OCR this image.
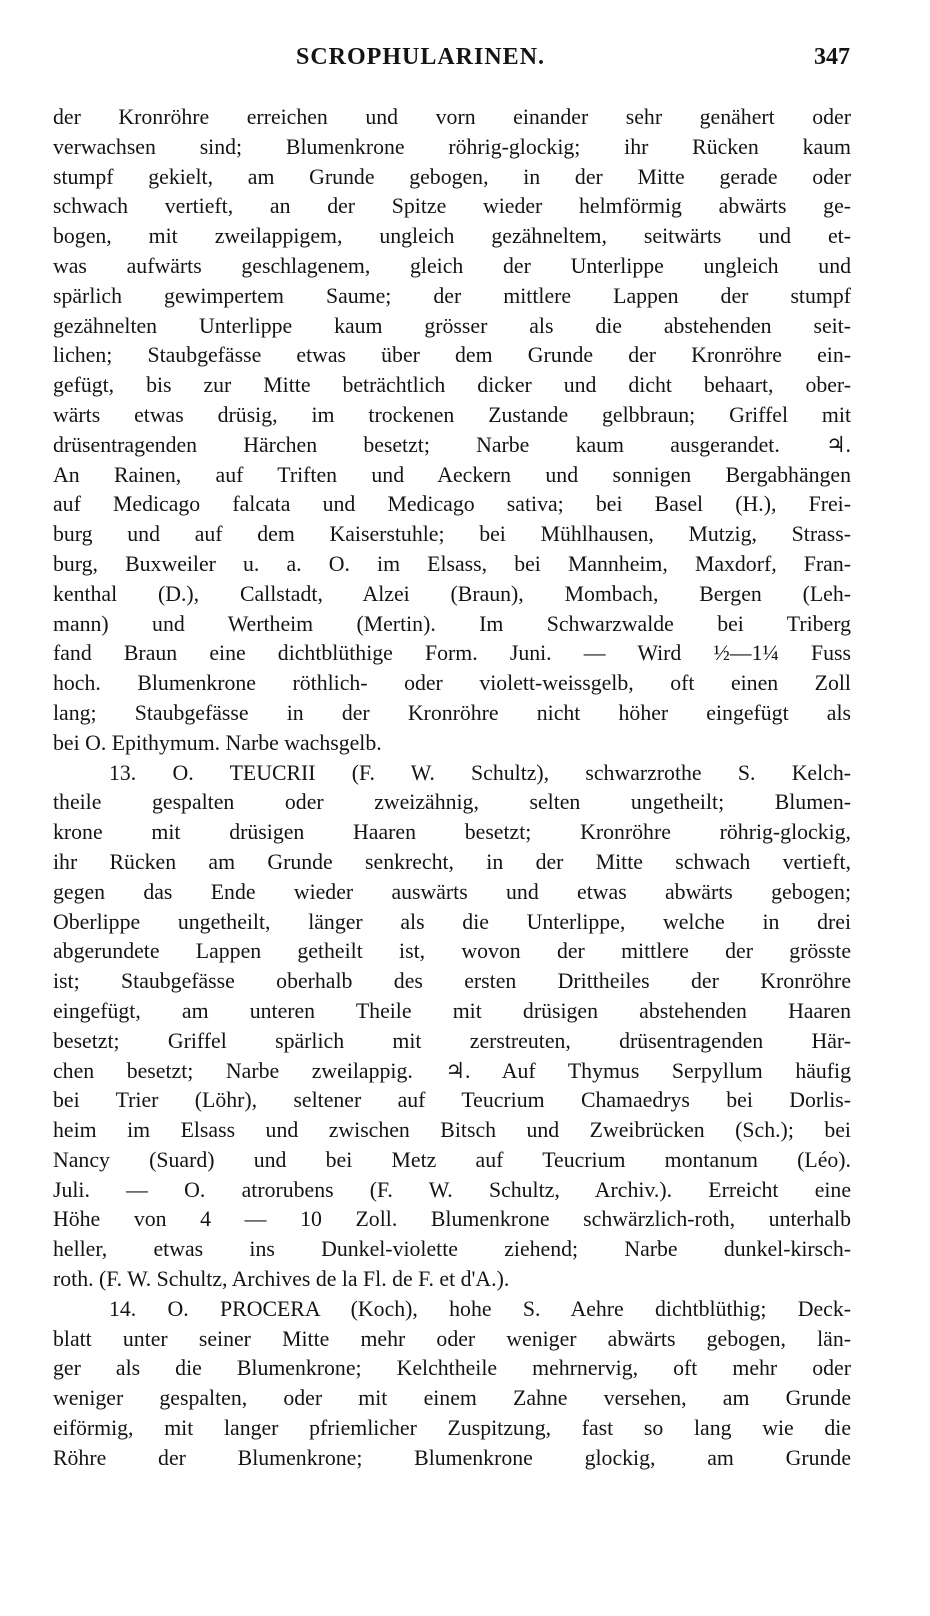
SCROPHULARINEN.	347
der Kronröhre erreichen und vorn einander sehr genähert oder
verwachsen sind; Blumenkrone röhrig-glockig; ihr Rücken kaum
stumpf gekielt, am Grunde gebogen, in der Mitte gerade oder
schwach vertieft, an der Spitze wieder helmförmig abwärts ge-
bogen, mit zweilappigem, ungleich gezähneltem, seitwärts und et-
was aufwärts geschlagenem, gleich der Unterlippe ungleich und
spärlich gewimpertem Saume; der mittlere Lappen der stumpf
gezähnelten Unterlippe kaum grösser als die abstehenden seit-
lichen; Staubgefässe etwas über dem Grunde der Kronröhre ein-
gefügt, bis zur Mitte beträchtlich dicker und dicht behaart, ober-
wärts etwas drüsig, im trockenen Zustande gelbbraun; Griffel mit
drüsentragenden Härchen besetzt; Narbe kaum ausgerandet. ♃.
An Rainen, auf Triften und Aeckern und sonnigen Bergabhängen
auf Medicago falcata und Medicago sativa; bei Basel (H.), Frei-
burg und auf dem Kaiserstuhle; bei Mühlhausen, Mutzig, Strass-
burg, Buxweiler u. a. O. im Elsass, bei Mannheim, Maxdorf, Fran-
kenthal (D.), Callstadt, Alzei (Braun), Mombach, Bergen (Leh-
mann) und Wertheim (Mertin). Im Schwarzwalde bei Triberg
fand Braun eine dichtblüthige Form. Juni. — Wird ½—1¼ Fuss
hoch. Blumenkrone röthlich- oder violett-weissgelb, oft einen Zoll
lang; Staubgefässe in der Kronröhre nicht höher eingefügt als
bei O. Epithymum. Narbe wachsgelb.
13. O. TEUCRII (F. W. Schultz), schwarzrothe S. Kelch-
theile gespalten oder zweizähnig, selten ungetheilt; Blumen-
krone mit drüsigen Haaren besetzt; Kronröhre röhrig-glockig,
ihr Rücken am Grunde senkrecht, in der Mitte schwach vertieft,
gegen das Ende wieder auswärts und etwas abwärts gebogen;
Oberlippe ungetheilt, länger als die Unterlippe, welche in drei
abgerundete Lappen getheilt ist, wovon der mittlere der grösste
ist; Staubgefässe oberhalb des ersten Drittheiles der Kronröhre
eingefügt, am unteren Theile mit drüsigen abstehenden Haaren
besetzt; Griffel spärlich mit zerstreuten, drüsentragenden Här-
chen besetzt; Narbe zweilappig. ♃. Auf Thymus Serpyllum häufig
bei Trier (Löhr), seltener auf Teucrium Chamaedrys bei Dorlis-
heim im Elsass und zwischen Bitsch und Zweibrücken (Sch.); bei
Nancy (Suard) und bei Metz auf Teucrium montanum (Léo).
Juli. — O. atrorubens (F. W. Schultz, Archiv.). Erreicht eine
Höhe von 4 — 10 Zoll. Blumenkrone schwärzlich-roth, unterhalb
heller, etwas ins Dunkel-violette ziehend; Narbe dunkel-kirsch-
roth. (F. W. Schultz, Archives de la Fl. de F. et d'A.).
14. O. PROCERA (Koch), hohe S. Aehre dichtblüthig; Deck-
blatt unter seiner Mitte mehr oder weniger abwärts gebogen, län-
ger als die Blumenkrone; Kelchtheile mehrnervig, oft mehr oder
weniger gespalten, oder mit einem Zahne versehen, am Grunde
eiförmig, mit langer pfriemlicher Zuspitzung, fast so lang wie die
Röhre der Blumenkrone; Blumenkrone glockig, am Grunde
